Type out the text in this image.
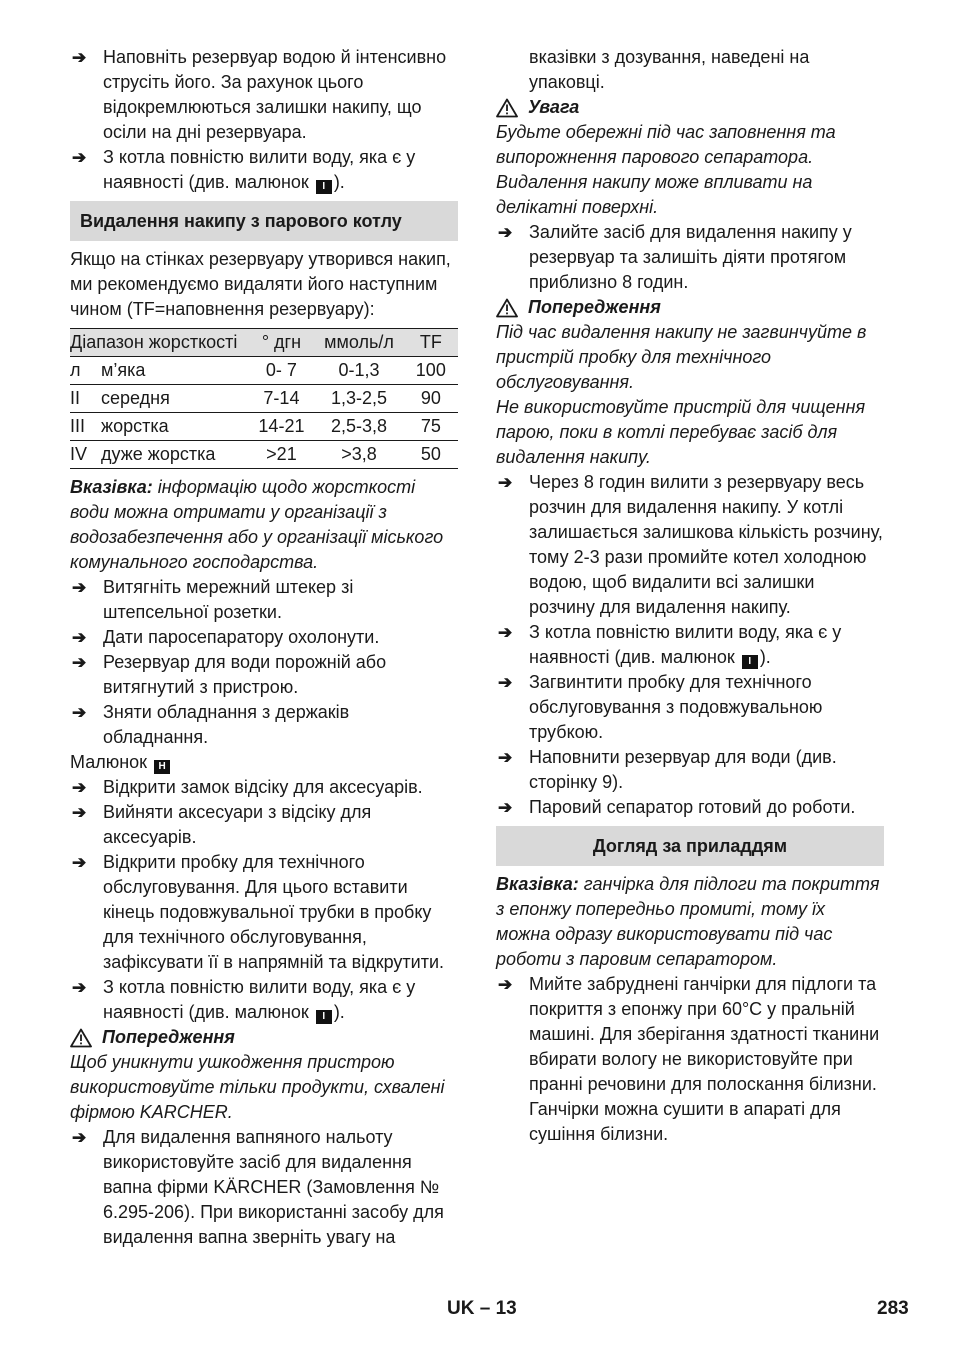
➔ Наповніть резервуар водою й інтенсивно струсіть його. За рахунок цього відокремлюються залишки накипу, що осіли на дні резервуара.
➔ З котла повністю вилити воду, яка є у наявності (див. малюнок I ).
Видалення накипу з парового котлу
Якщо на стінках резервуару утворився накип, ми рекомендуємо видаляти його наступним чином (TF=наповнення резервуару):
Діапазон жорсткості		° дгн	ммоль/л	TF
л	м’яка	0- 7	0-1,3	100
II	середня	7-14	1,3-2,5	90
III	жорстка	14-21	2,5-3,8	75
IV	дуже жорстка	>21	>3,8	50
Вказівка: інформацію щодо жорсткості води можна отримати у організації з водозабезпечення або у організації міського комунального господарства.
➔ Витягніть мережний штекер зі штепсельної розетки.
➔ Дати паросепаратору охолонути.
➔ Резервуар для води порожній або витягнутий з пристрою.
➔ Зняти обладнання з держаків обладнання.
Малюнок H
➔ Відкрити замок відсіку для аксесуарів.
➔ Вийняти аксесуари з відсіку для аксесуарів.
➔ Відкрити пробку для технічного обслуговування. Для цього вставити кінець подовжувальної трубки в пробку для технічного обслуговування, зафіксувати її в напрямній та відкрутити.
➔ З котла повністю вилити воду, яка є у наявності (див. малюнок I ).
Попередження
Щоб уникнути ушкодження пристрою використовуйте тільки продукти, схвалені фірмою KARCHER.
➔ Для видалення вапняного нальоту використовуйте засіб для видалення вапна фірми KÄRCHER (Замовлення № 6.295-206). При використанні засобу для видалення вапна зверніть увагу на
вказівки з дозування, наведені на упаковці.
Увага
Будьте обережні під час заповнення та випорожнення парового сепаратора. Видалення накипу може впливати на делікатні поверхні.
➔ Залийте засіб для видалення накипу у резервуар та залишіть діяти протягом приблизно 8 годин.
Попередження
Під час видалення накипу не загвинчуйте в пристрій пробку для технічного обслуговування.
Не використовуйте пристрій для чищення парою, поки в котлі перебуває засіб для видалення накипу.
➔ Через 8 годин вилити з резервуару весь розчин для видалення накипу. У котлі залишається залишкова кількість розчину, тому 2-3 рази промийте котел холодною водою, щоб видалити всі залишки розчину для видалення накипу.
➔ З котла повністю вилити воду, яка є у наявності (див. малюнок I ).
➔ Загвинтити пробку для технічного обслуговування з подовжувальною трубкою.
➔ Наповнити резервуар для води (див. сторінку 9).
➔ Паровий сепаратор готовий до роботи.
Догляд за приладдям
Вказівка: ганчірка для підлоги та покриття з епонжу попередньо промиті, тому їх можна одразу використовувати під час роботи з паровим сепаратором.
➔ Мийте забруднені ганчірки для підлоги та покриття з епонжу при 60°C у пральній машині. Для зберігання здатності тканини вбирати вологу не використовуйте при пранні речовини для полоскання білизни. Ганчірки можна сушити в апараті для сушіння білизни.
UK – 13	283
